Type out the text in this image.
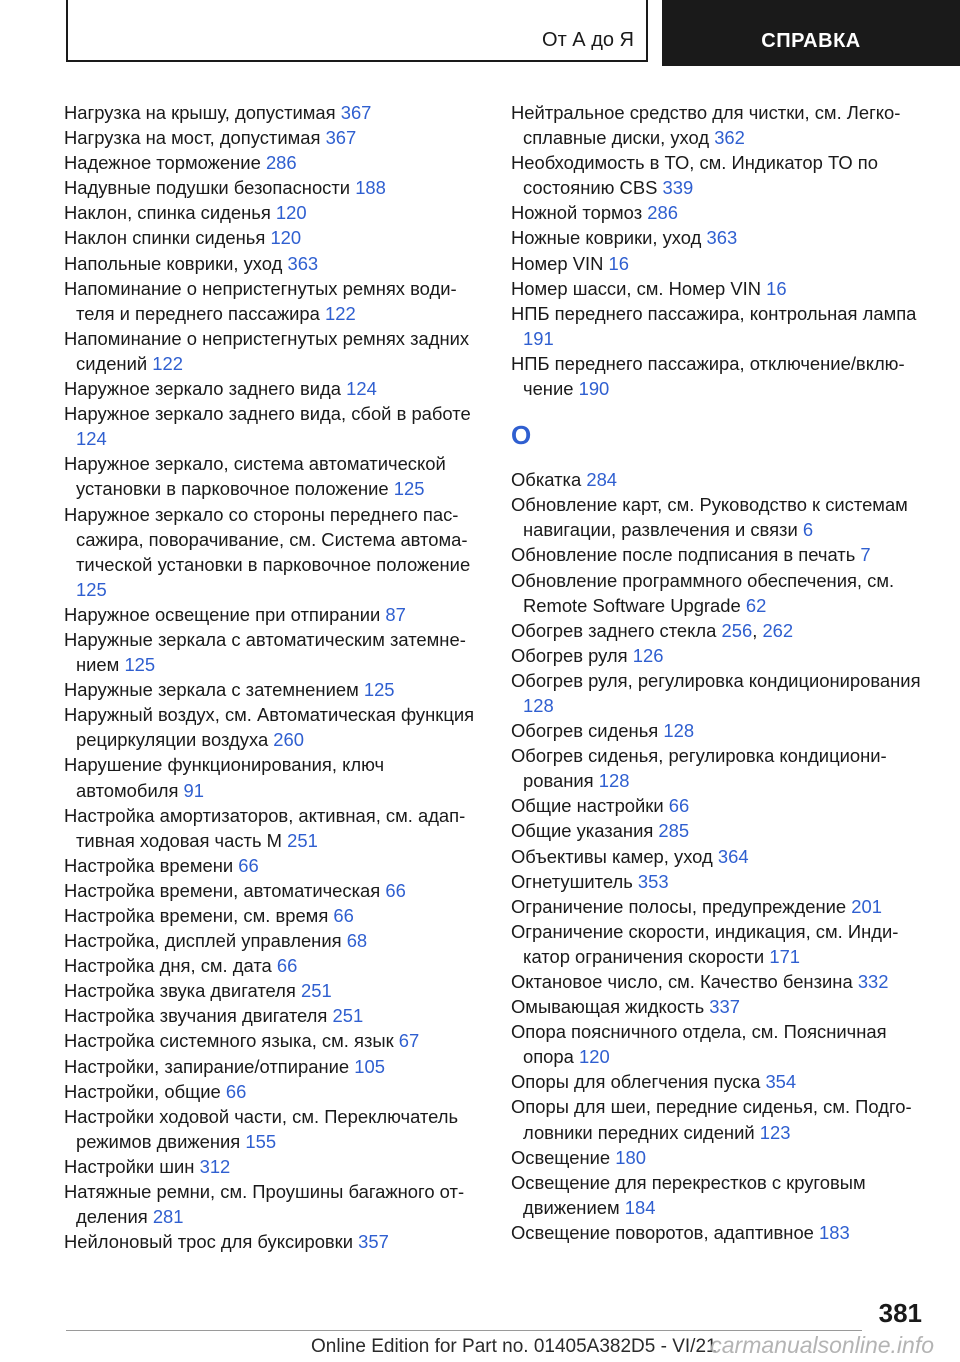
От А до Я	СПРАВКА
Нагрузка на крышу, допустимая 367
Нагрузка на мост, допустимая 367
Надежное торможение 286
Надувные подушки безопасности 188
Наклон, спинка сиденья 120
Наклон спинки сиденья 120
Напольные коврики, уход 363
Напоминание о непристегнутых ремнях водителя и переднего пассажира 122
Напоминание о непристегнутых ремнях задних сидений 122
Наружное зеркало заднего вида 124
Наружное зеркало заднего вида, сбой в работе 124
Наружное зеркало, система автоматической установки в парковочное положение 125
Наружное зеркало со стороны переднего пассажира, поворачивание, см. Система автоматической установки в парковочное положение 125
Наружное освещение при отпирании 87
Наружные зеркала с автоматическим затемнением 125
Наружные зеркала с затемнением 125
Наружный воздух, см. Автоматическая функция рециркуляции воздуха 260
Нарушение функционирования, ключ автомобиля 91
Настройка амортизаторов, активная, см. адаптивная ходовая часть M 251
Настройка времени 66
Настройка времени, автоматическая 66
Настройка времени, см. время 66
Настройка, дисплей управления 68
Настройка дня, см. дата 66
Настройка звука двигателя 251
Настройка звучания двигателя 251
Настройка системного языка, см. язык 67
Настройки, запирание/отпирание 105
Настройки, общие 66
Настройки ходовой части, см. Переключатель режимов движения 155
Настройки шин 312
Натяжные ремни, см. Проушины багажного отделения 281
Нейлоновый трос для буксировки 357
Нейтральное средство для чистки, см. Легкосплавные диски, уход 362
Необходимость в ТО, см. Индикатор ТО по состоянию CBS 339
Ножной тормоз 286
Ножные коврики, уход 363
Номер VIN 16
Номер шасси, см. Номер VIN 16
НПБ переднего пассажира, контрольная лампа 191
НПБ переднего пассажира, отключение/включение 190
О
Обкатка 284
Обновление карт, см. Руководство к системам навигации, развлечения и связи 6
Обновление после подписания в печать 7
Обновление программного обеспечения, см. Remote Software Upgrade 62
Обогрев заднего стекла 256, 262
Обогрев руля 126
Обогрев руля, регулировка кондиционирования 128
Обогрев сиденья 128
Обогрев сиденья, регулировка кондиционирования 128
Общие настройки 66
Общие указания 285
Объективы камер, уход 364
Огнетушитель 353
Ограничение полосы, предупреждение 201
Ограничение скорости, индикация, см. Индикатор ограничения скорости 171
Октановое число, см. Качество бензина 332
Омывающая жидкость 337
Опора поясничного отдела, см. Поясничная опора 120
Опоры для облегчения пуска 354
Опоры для шеи, передние сиденья, см. Подголовники передних сидений 123
Освещение 180
Освещение для перекрестков с круговым движением 184
Освещение поворотов, адаптивное 183
381
Online Edition for Part no. 01405A382D5 - VI/21
carmanualsonline.info
